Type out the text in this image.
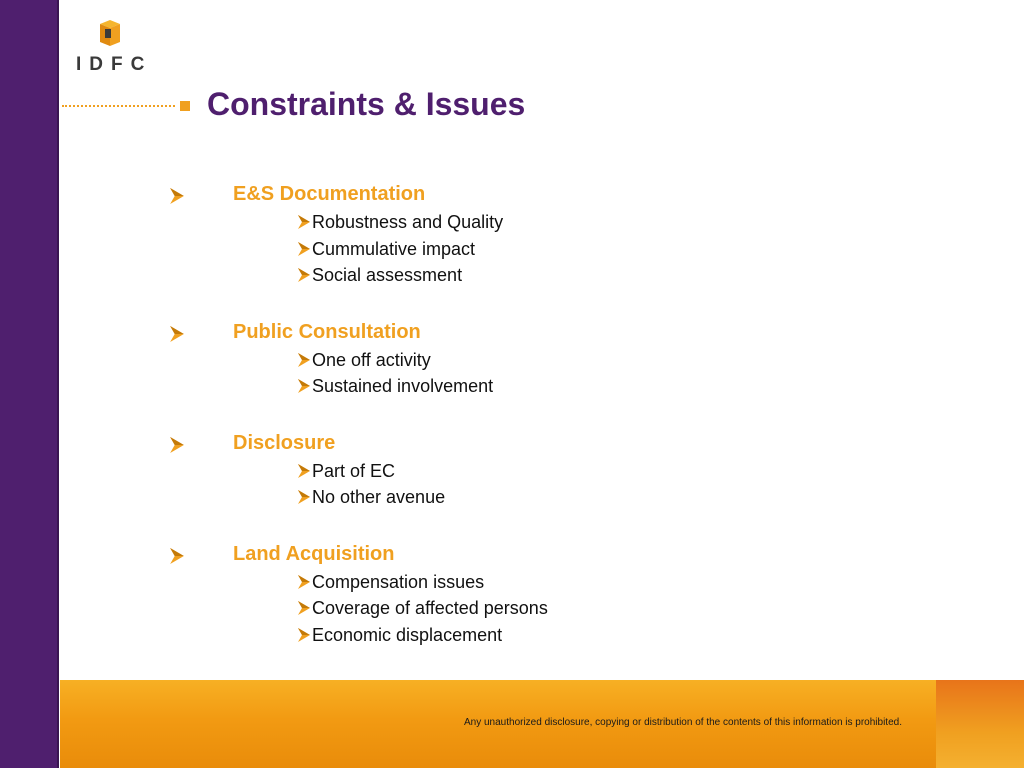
IDFC
Constraints & Issues
E&S Documentation
Robustness and Quality
Cummulative impact
Social assessment
Public Consultation
One off activity
Sustained involvement
Disclosure
Part of EC
No other avenue
Land Acquisition
Compensation issues
Coverage of affected persons
Economic displacement
Any unauthorized disclosure, copying or distribution of the contents of this information is prohibited.
